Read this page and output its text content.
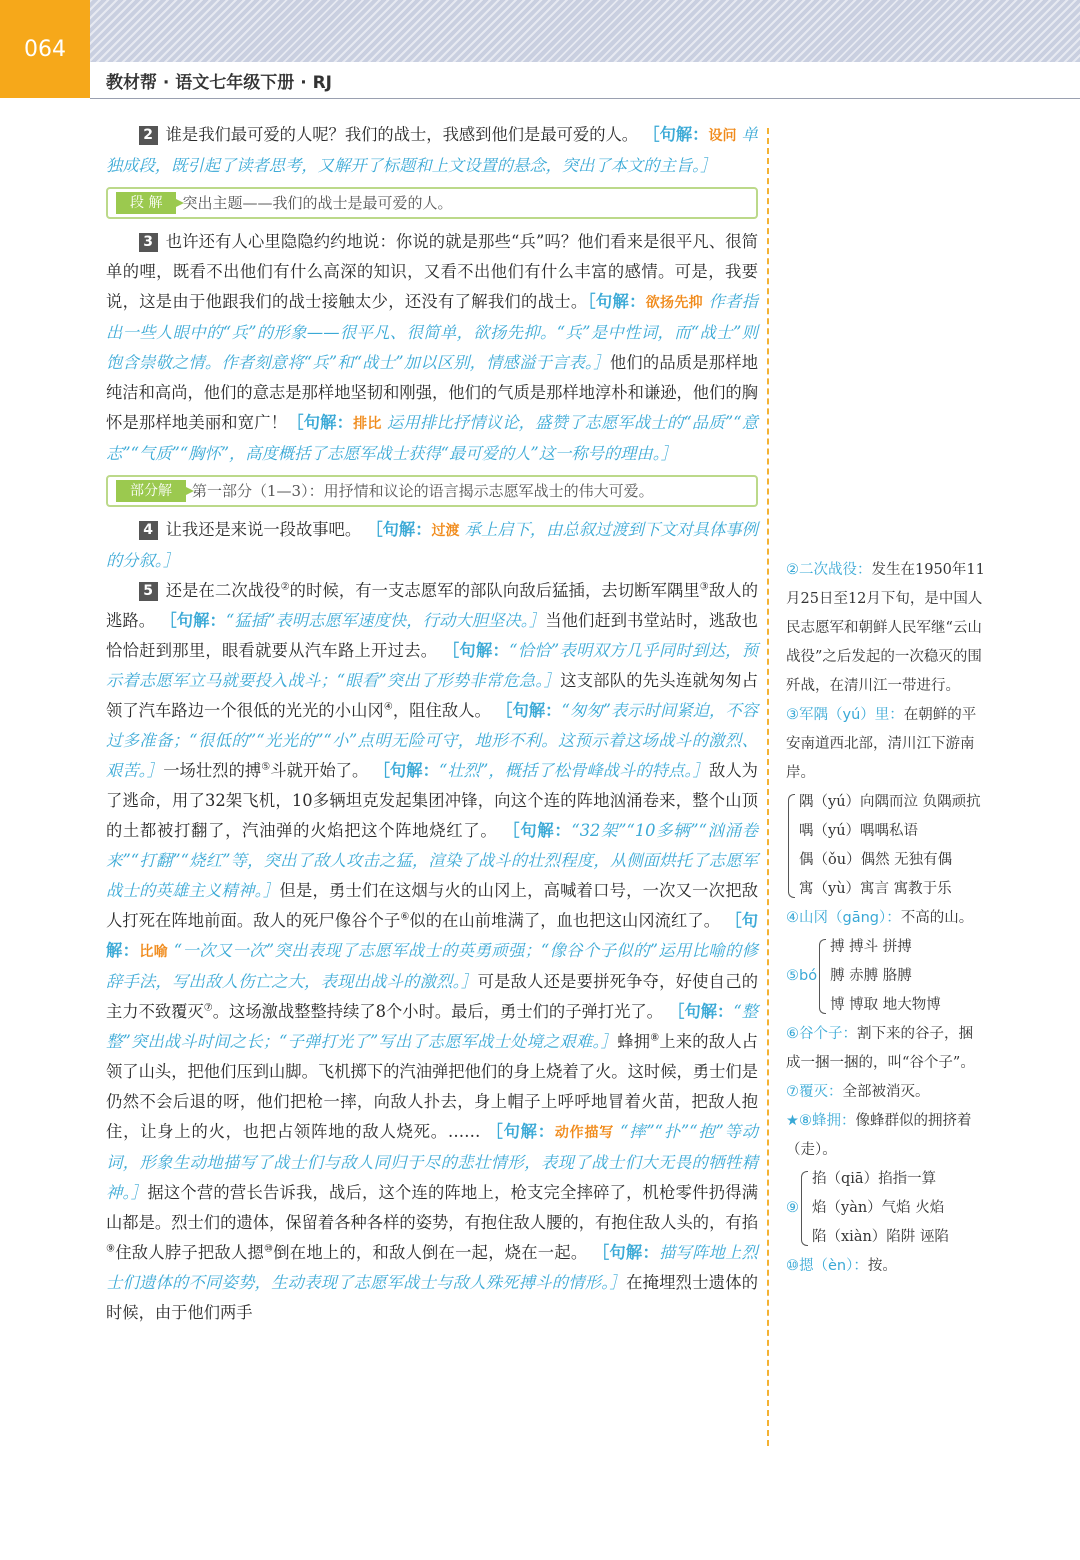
064
教材帮 · 语文七年级下册 · RJ

2 谁是我们最可爱的人呢？我们的战士，我感到他们是最可爱的人。 ［句解：设问 单独成段，既引起了读者思考，又解开了标题和上文设置的悬念，突出了本文的主旨。］

段 解	突出主题——我们的战士是最可爱的人。

3 也许还有人心里隐隐约约地说：你说的就是那些“兵”吗？他们看来是很平凡、很简单的哩，既看不出他们有什么高深的知识，又看不出他们有什么丰富的感情。可是，我要说，这是由于他跟我们的战士接触太少，还没有了解我们的战士。［句解：欲扬先抑 作者指出一些人眼中的“兵”的形象——很平凡、很简单，欲扬先抑。“兵”是中性词，而“战士”则饱含崇敬之情。作者刻意将“兵”和“战士”加以区别，情感溢于言表。］他们的品质是那样地纯洁和高尚，他们的意志是那样地坚韧和刚强，他们的气质是那样地淳朴和谦逊，他们的胸怀是那样地美丽和宽广！［句解：排比 运用排比抒情议论，盛赞了志愿军战士的“品质”“意志”“气质”“胸怀”，高度概括了志愿军战士获得“最可爱的人”这一称号的理由。］

部分解	第一部分（1—3）：用抒情和议论的语言揭示志愿军战士的伟大可爱。

4 让我还是来说一段故事吧。 ［句解：过渡 承上启下，由总叙过渡到下文对具体事例的分叙。］

5 还是在二次战役②的时候，有一支志愿军的部队向敌后猛插，去切断军隅里③敌人的逃路。 ［句解：“猛插”表明志愿军速度快，行动大胆坚决。］当他们赶到书堂站时，逃敌也恰恰赶到那里，眼看就要从汽车路上开过去。 ［句解：“恰恰”表明双方几乎同时到达，预示着志愿军立马就要投入战斗；“眼看”突出了形势非常危急。］这支部队的先头连就匆匆占领了汽车路边一个很低的光光的小山冈④，阻住敌人。 ［句解：“匆匆”表示时间紧迫，不容过多准备；“很低的”“光光的”“小”点明无险可守，地形不利。这预示着这场战斗的激烈、艰苦。］一场壮烈的搏⑤斗就开始了。 ［句解：“壮烈”，概括了松骨峰战斗的特点。］敌人为了逃命，用了32架飞机，10多辆坦克发起集团冲锋，向这个连的阵地汹涌卷来，整个山顶的土都被打翻了，汽油弹的火焰把这个阵地烧红了。 ［句解：“32架”“10多辆”“汹涌卷来”“打翻”“烧红”等，突出了敌人攻击之猛，渲染了战斗的壮烈程度，从侧面烘托了志愿军战士的英雄主义精神。］但是，勇士们在这烟与火的山冈上，高喊着口号，一次又一次把敌人打死在阵地前面。敌人的死尸像谷个子⑥似的在山前堆满了，血也把这山冈流红了。 ［句解：比喻 “一次又一次”突出表现了志愿军战士的英勇顽强；“像谷个子似的”运用比喻的修辞手法，写出敌人伤亡之大，表现出战斗的激烈。］可是敌人还是要拼死争夺，好使自己的主力不致覆灭⑦。这场激战整整持续了8个小时。最后，勇士们的子弹打光了。 ［句解：“整整”突出战斗时间之长；“子弹打光了”写出了志愿军战士处境之艰难。］蜂拥⑧上来的敌人占领了山头，把他们压到山脚。飞机掷下的汽油弹把他们的身上烧着了火。这时候，勇士们是仍然不会后退的呀，他们把枪一摔，向敌人扑去，身上帽子上呼呼地冒着火苗，把敌人抱住，让身上的火，也把占领阵地的敌人烧死。…… ［句解：动作描写 “摔”“扑”“抱”等动词，形象生动地描写了战士们与敌人同归于尽的悲壮情形，表现了战士们大无畏的牺牲精神。］据这个营的营长告诉我，战后，这个连的阵地上，枪支完全摔碎了，机枪零件扔得满山都是。烈士们的遗体，保留着各种各样的姿势，有抱住敌人腰的，有抱住敌人头的，有掐⑨住敌人脖子把敌人摁⑩倒在地上的，和敌人倒在一起，烧在一起。 ［句解：描写阵地上烈士们遗体的不同姿势，生动表现了志愿军战士与敌人殊死搏斗的情形。］在掩埋烈士遗体的时候，由于他们两手

②二次战役：发生在1950年11月25日至12月下旬，是中国人民志愿军和朝鲜人民军继“云山战役”之后发起的一次稳灭的围歼战，在清川江一带进行。

③军隅（yú）里：在朝鲜的平安南道西北部，清川江下游南岸。

隅（yú）向隅而泣 负隅顽抗
喁（yú）喁喁私语
偶（ǒu）偶然 无独有偶
寓（yù）寓言 寓教于乐

④山冈（gāng）：不高的山。

⑤bó
搏 搏斗 拼搏
膊 赤膊 胳膊
博 博取 地大物博

⑥谷个子：割下来的谷子，捆成一捆一捆的，叫“谷个子”。

⑦覆灭：全部被消灭。

★⑧蜂拥：像蜂群似的拥挤着（走）。

⑨
掐（qiā）掐指一算
焰（yàn）气焰 火焰
陷（xiàn）陷阱 诬陷

⑩摁（èn）：按。
